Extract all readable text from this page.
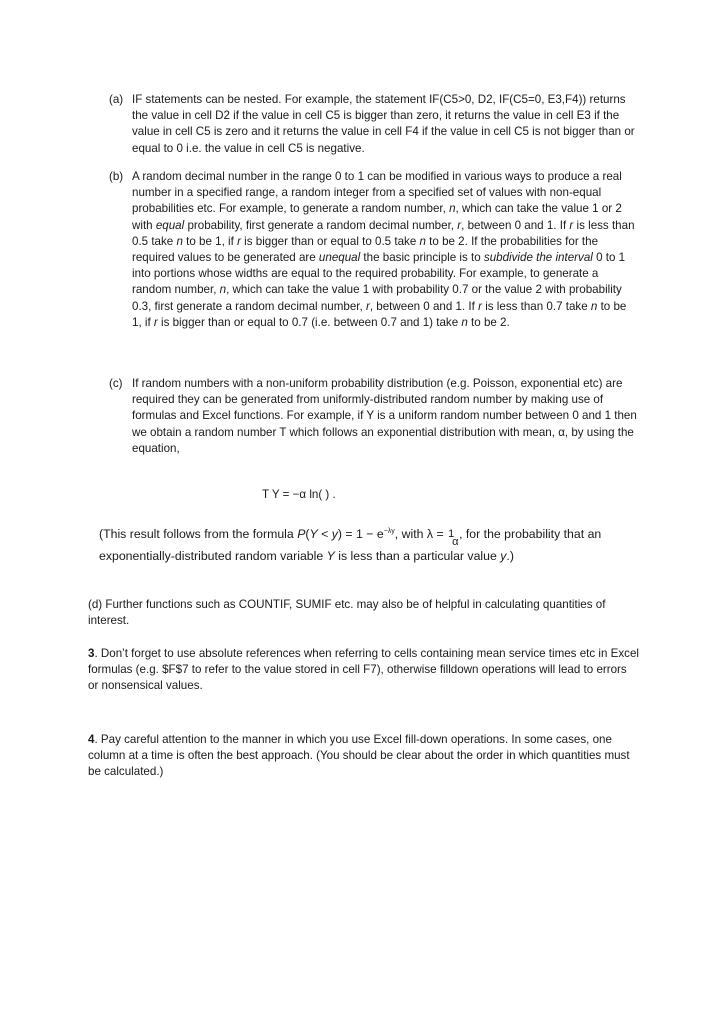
(a) IF statements can be nested. For example, the statement IF(C5>0, D2, IF(C5=0, E3,F4)) returns the value in cell D2 if the value in cell C5 is bigger than zero, it returns the value in cell E3 if the value in cell C5 is zero and it returns the value in cell F4 if the value in cell C5 is not bigger than or equal to 0 i.e. the value in cell C5 is negative.
(b) A random decimal number in the range 0 to 1 can be modified in various ways to produce a real number in a specified range, a random integer from a specified set of values with non-equal probabilities etc. For example, to generate a random number, n, which can take the value 1 or 2 with equal probability, first generate a random decimal number, r, between 0 and 1. If r is less than 0.5 take n to be 1, if r is bigger than or equal to 0.5 take n to be 2. If the probabilities for the required values to be generated are unequal the basic principle is to subdivide the interval 0 to 1 into portions whose widths are equal to the required probability. For example, to generate a random number, n, which can take the value 1 with probability 0.7 or the value 2 with probability 0.3, first generate a random decimal number, r, between 0 and 1. If r is less than 0.7 take n to be 1, if r is bigger than or equal to 0.7 (i.e. between 0.7 and 1) take n to be 2.
(c) If random numbers with a non-uniform probability distribution (e.g. Poisson, exponential etc) are required they can be generated from uniformly-distributed random number by making use of formulas and Excel functions. For example, if Y is a uniform random number between 0 and 1 then we obtain a random number T which follows an exponential distribution with mean, α, by using the equation,
T Y = −α ln( ) .
(This result follows from the formula $P(Y < y) = 1 - e^{-\lambda y}$, with λ = 1
α
, for the probability that an exponentially-distributed random variable Y is less than a particular value y.)
(d) Further functions such as COUNTIF, SUMIF etc. may also be of helpful in calculating quantities of interest.
3. Don’t forget to use absolute references when referring to cells containing mean service times etc in Excel formulas (e.g. $F$7 to refer to the value stored in cell F7), otherwise filldown operations will lead to errors or nonsensical values.
4. Pay careful attention to the manner in which you use Excel fill-down operations. In some cases, one column at a time is often the best approach. (You should be clear about the order in which quantities must be calculated.)
